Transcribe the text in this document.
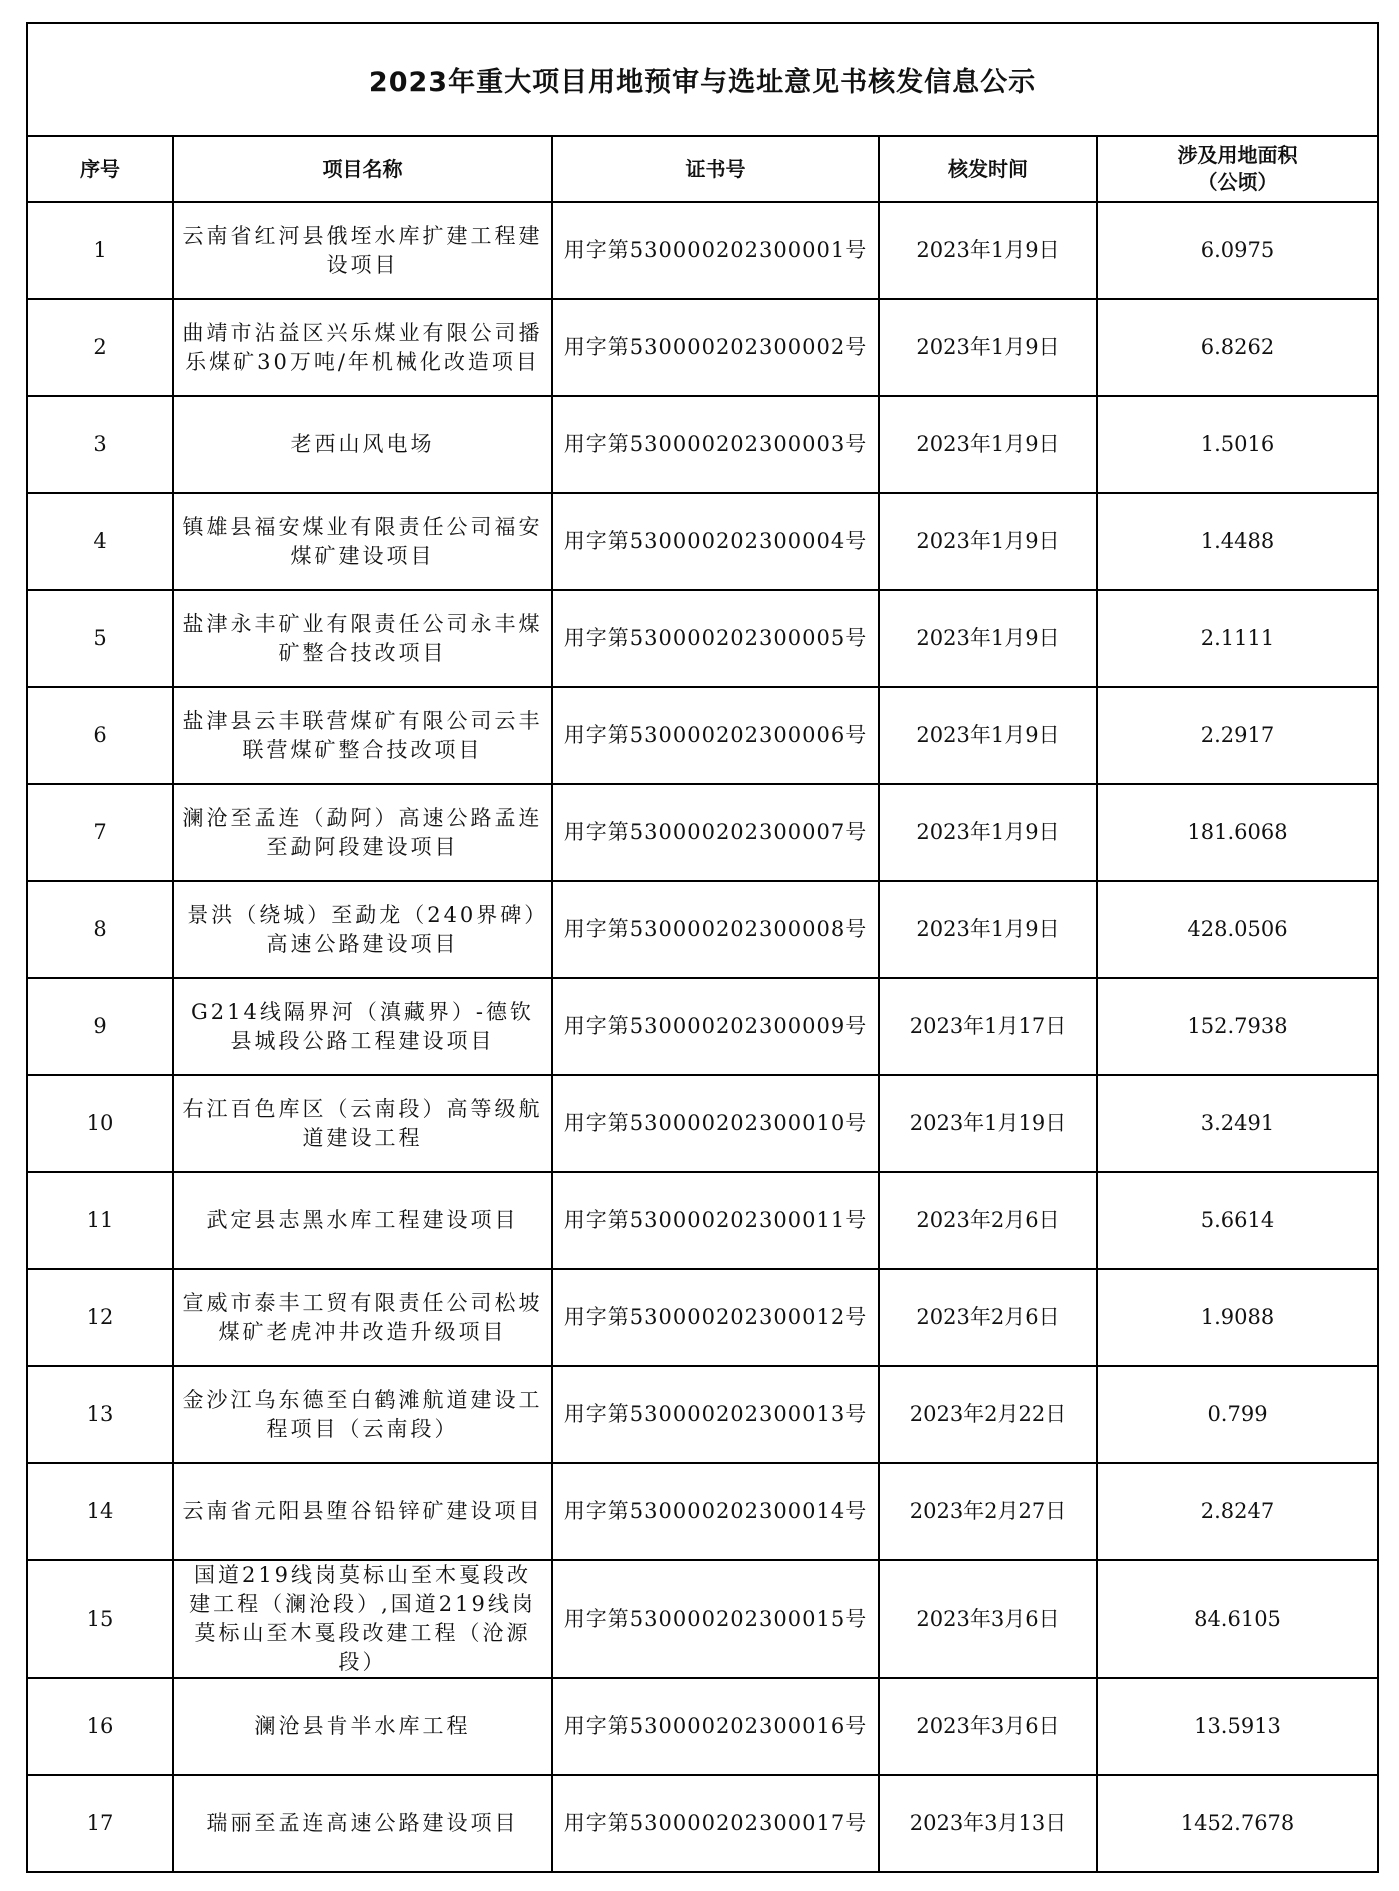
2023年重大项目用地预审与选址意见书核发信息公示
序号	项目名称	证书号	核发时间	涉及用地面积
（公顷）

1	云南省红河县俄垤水库扩建工程建设项目	用字第530000202300001号	2023年1月9日	6.0975
2	曲靖市沾益区兴乐煤业有限公司播乐煤矿30万吨/年机械化改造项目	用字第530000202300002号	2023年1月9日	6.8262
3	老西山风电场	用字第530000202300003号	2023年1月9日	1.5016
4	镇雄县福安煤业有限责任公司福安煤矿建设项目	用字第530000202300004号	2023年1月9日	1.4488
5	盐津永丰矿业有限责任公司永丰煤矿整合技改项目	用字第530000202300005号	2023年1月9日	2.1111
6	盐津县云丰联营煤矿有限公司云丰联营煤矿整合技改项目	用字第530000202300006号	2023年1月9日	2.2917
7	澜沧至孟连（勐阿）高速公路孟连至勐阿段建设项目	用字第530000202300007号	2023年1月9日	181.6068
8	景洪（绕城）至勐龙（240界碑）高速公路建设项目	用字第530000202300008号	2023年1月9日	428.0506
9	G214线隔界河（滇藏界）-德钦县城段公路工程建设项目	用字第530000202300009号	2023年1月17日	152.7938
10	右江百色库区（云南段）高等级航道建设工程	用字第530000202300010号	2023年1月19日	3.2491
11	武定县志黑水库工程建设项目	用字第530000202300011号	2023年2月6日	5.6614
12	宣威市泰丰工贸有限责任公司松坡煤矿老虎冲井改造升级项目	用字第530000202300012号	2023年2月6日	1.9088
13	金沙江乌东德至白鹤滩航道建设工程项目（云南段）	用字第530000202300013号	2023年2月22日	0.799
14	云南省元阳县堕谷铅锌矿建设项目	用字第530000202300014号	2023年2月27日	2.8247
15	国道219线岗莫标山至木戛段改建工程（澜沧段）,国道219线岗莫标山至木戛段改建工程（沧源段）	用字第530000202300015号	2023年3月6日	84.6105
16	澜沧县肯半水库工程	用字第530000202300016号	2023年3月6日	13.5913
17	瑞丽至孟连高速公路建设项目	用字第530000202300017号	2023年3月13日	1452.7678
